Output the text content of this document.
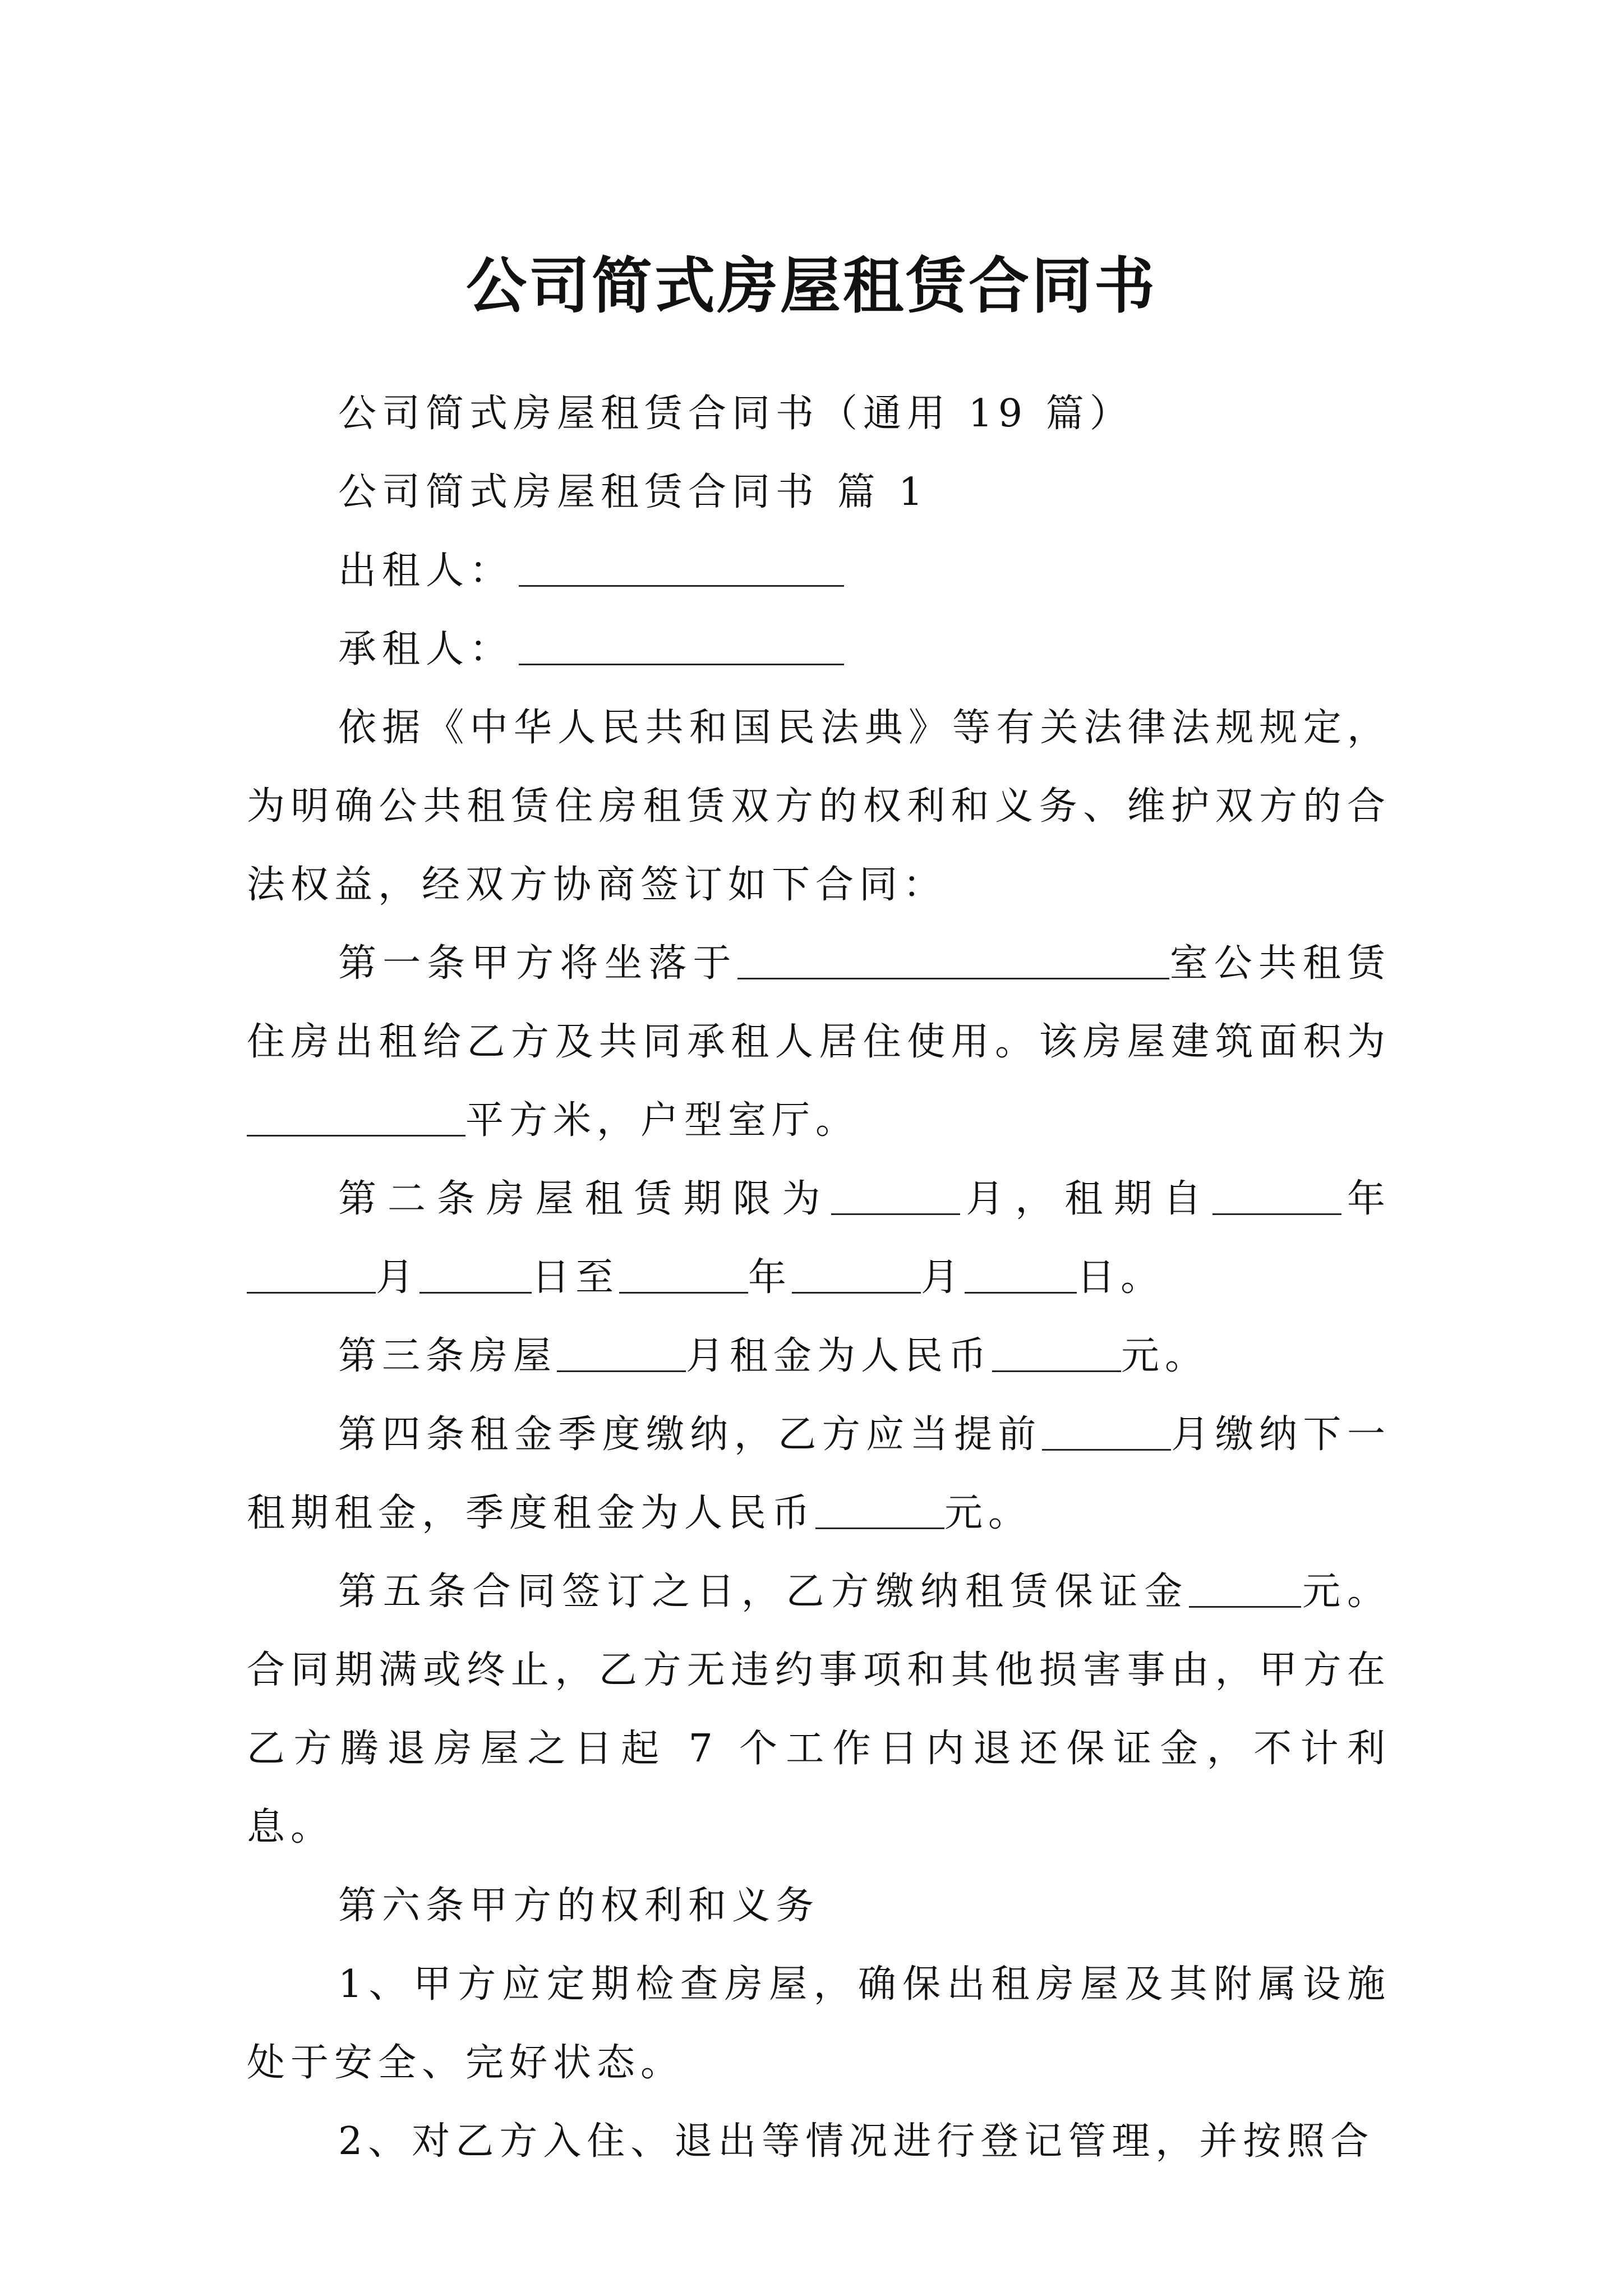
公司简式房屋租赁合同书

公司简式房屋租赁合同书（通用 19 篇）

公司简式房屋租赁合同书 篇 1

出租人：

承租人：

依据《中华人民共和国民法典》等有关法律法规规定，为明确公共租赁住房租赁双方的权利和义务、维护双方的合法权益，经双方协商签订如下合同：

第一条甲方将坐落于	室公共租赁住房出租给乙方及共同承租人居住使用。该房屋建筑面积为平方米，户型室厅。

第二条房屋租赁期限为	月，租期自	年月	日至	年	月	日。

第三条房屋	月租金为人民币	元。

第四条租金季度缴纳，乙方应当提前	月缴纳下一租期租金，季度租金为人民币	元。

第五条合同签订之日，乙方缴纳租赁保证金	元。合同期满或终止，乙方无违约事项和其他损害事由，甲方在乙方腾退房屋之日起 7 个工作日内退还保证金，不计利息。

第六条甲方的权利和义务

1、甲方应定期检查房屋，确保出租房屋及其附属设施处于安全、完好状态。

2、对乙方入住、退出等情况进行登记管理，并按照合
